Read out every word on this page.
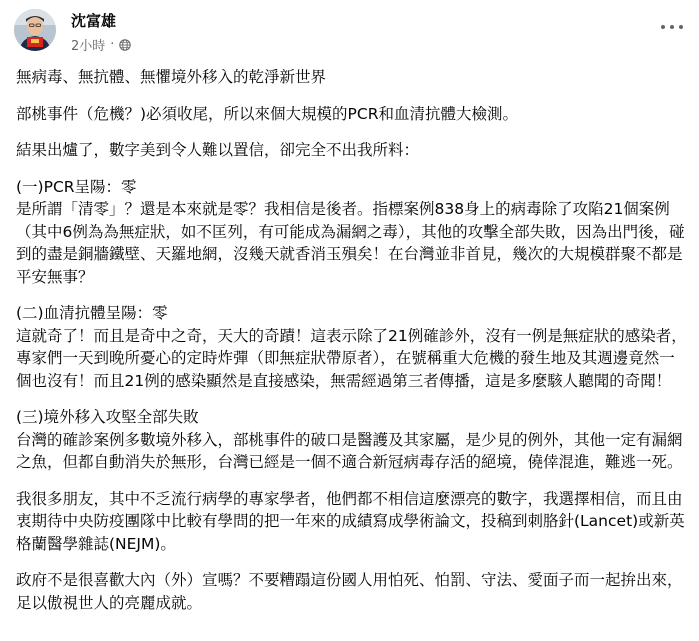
沈富雄
2小時 ·

無病毒、無抗體、無懼境外移入的乾淨新世界

部桃事件（危機？)必須收尾，所以來個大規模的PCR和血清抗體大檢測。

結果出爐了，數字美到令人難以置信，卻完全不出我所料：

(一)PCR呈陽：零
是所謂「清零」？還是本來就是零？我相信是後者。指標案例838身上的病毒除了攻陷21個案例（其中6例為為無症狀，如不匡列，有可能成為漏網之毒），其他的攻擊全部失敗，因為出門後，碰到的盡是銅牆鐵壁、天羅地網，沒幾天就香消玉殞矣！在台灣並非首見，幾次的大規模群聚不都是平安無事？

(二)血清抗體呈陽：零
這就奇了！而且是奇中之奇，天大的奇蹟！這表示除了21例確診外，沒有一例是無症狀的感染者，專家們一天到晚所憂心的定時炸彈（即無症狀帶原者），在號稱重大危機的發生地及其週邊竟然一個也沒有！而且21例的感染顯然是直接感染，無需經過第三者傳播，這是多麼駭人聽聞的奇聞！

(三)境外移入攻堅全部失敗
台灣的確診案例多數境外移入，部桃事件的破口是醫護及其家屬，是少見的例外，其他一定有漏網之魚，但都自動消失於無形，台灣已經是一個不適合新冠病毒存活的絕境，僥倖混進，難逃一死。

我很多朋友，其中不乏流行病學的專家學者，他們都不相信這麼漂亮的數字，我選擇相信，而且由衷期待中央防疫團隊中比較有學問的把一年來的成績寫成學術論文，投稿到刺胳針(Lancet)或新英格蘭醫學雜誌(NEJM)。

政府不是很喜歡大內（外）宣嗎？不要糟蹋這份國人用怕死、怕罰、守法、愛面子而一起拚出來，足以傲視世人的亮麗成就。
